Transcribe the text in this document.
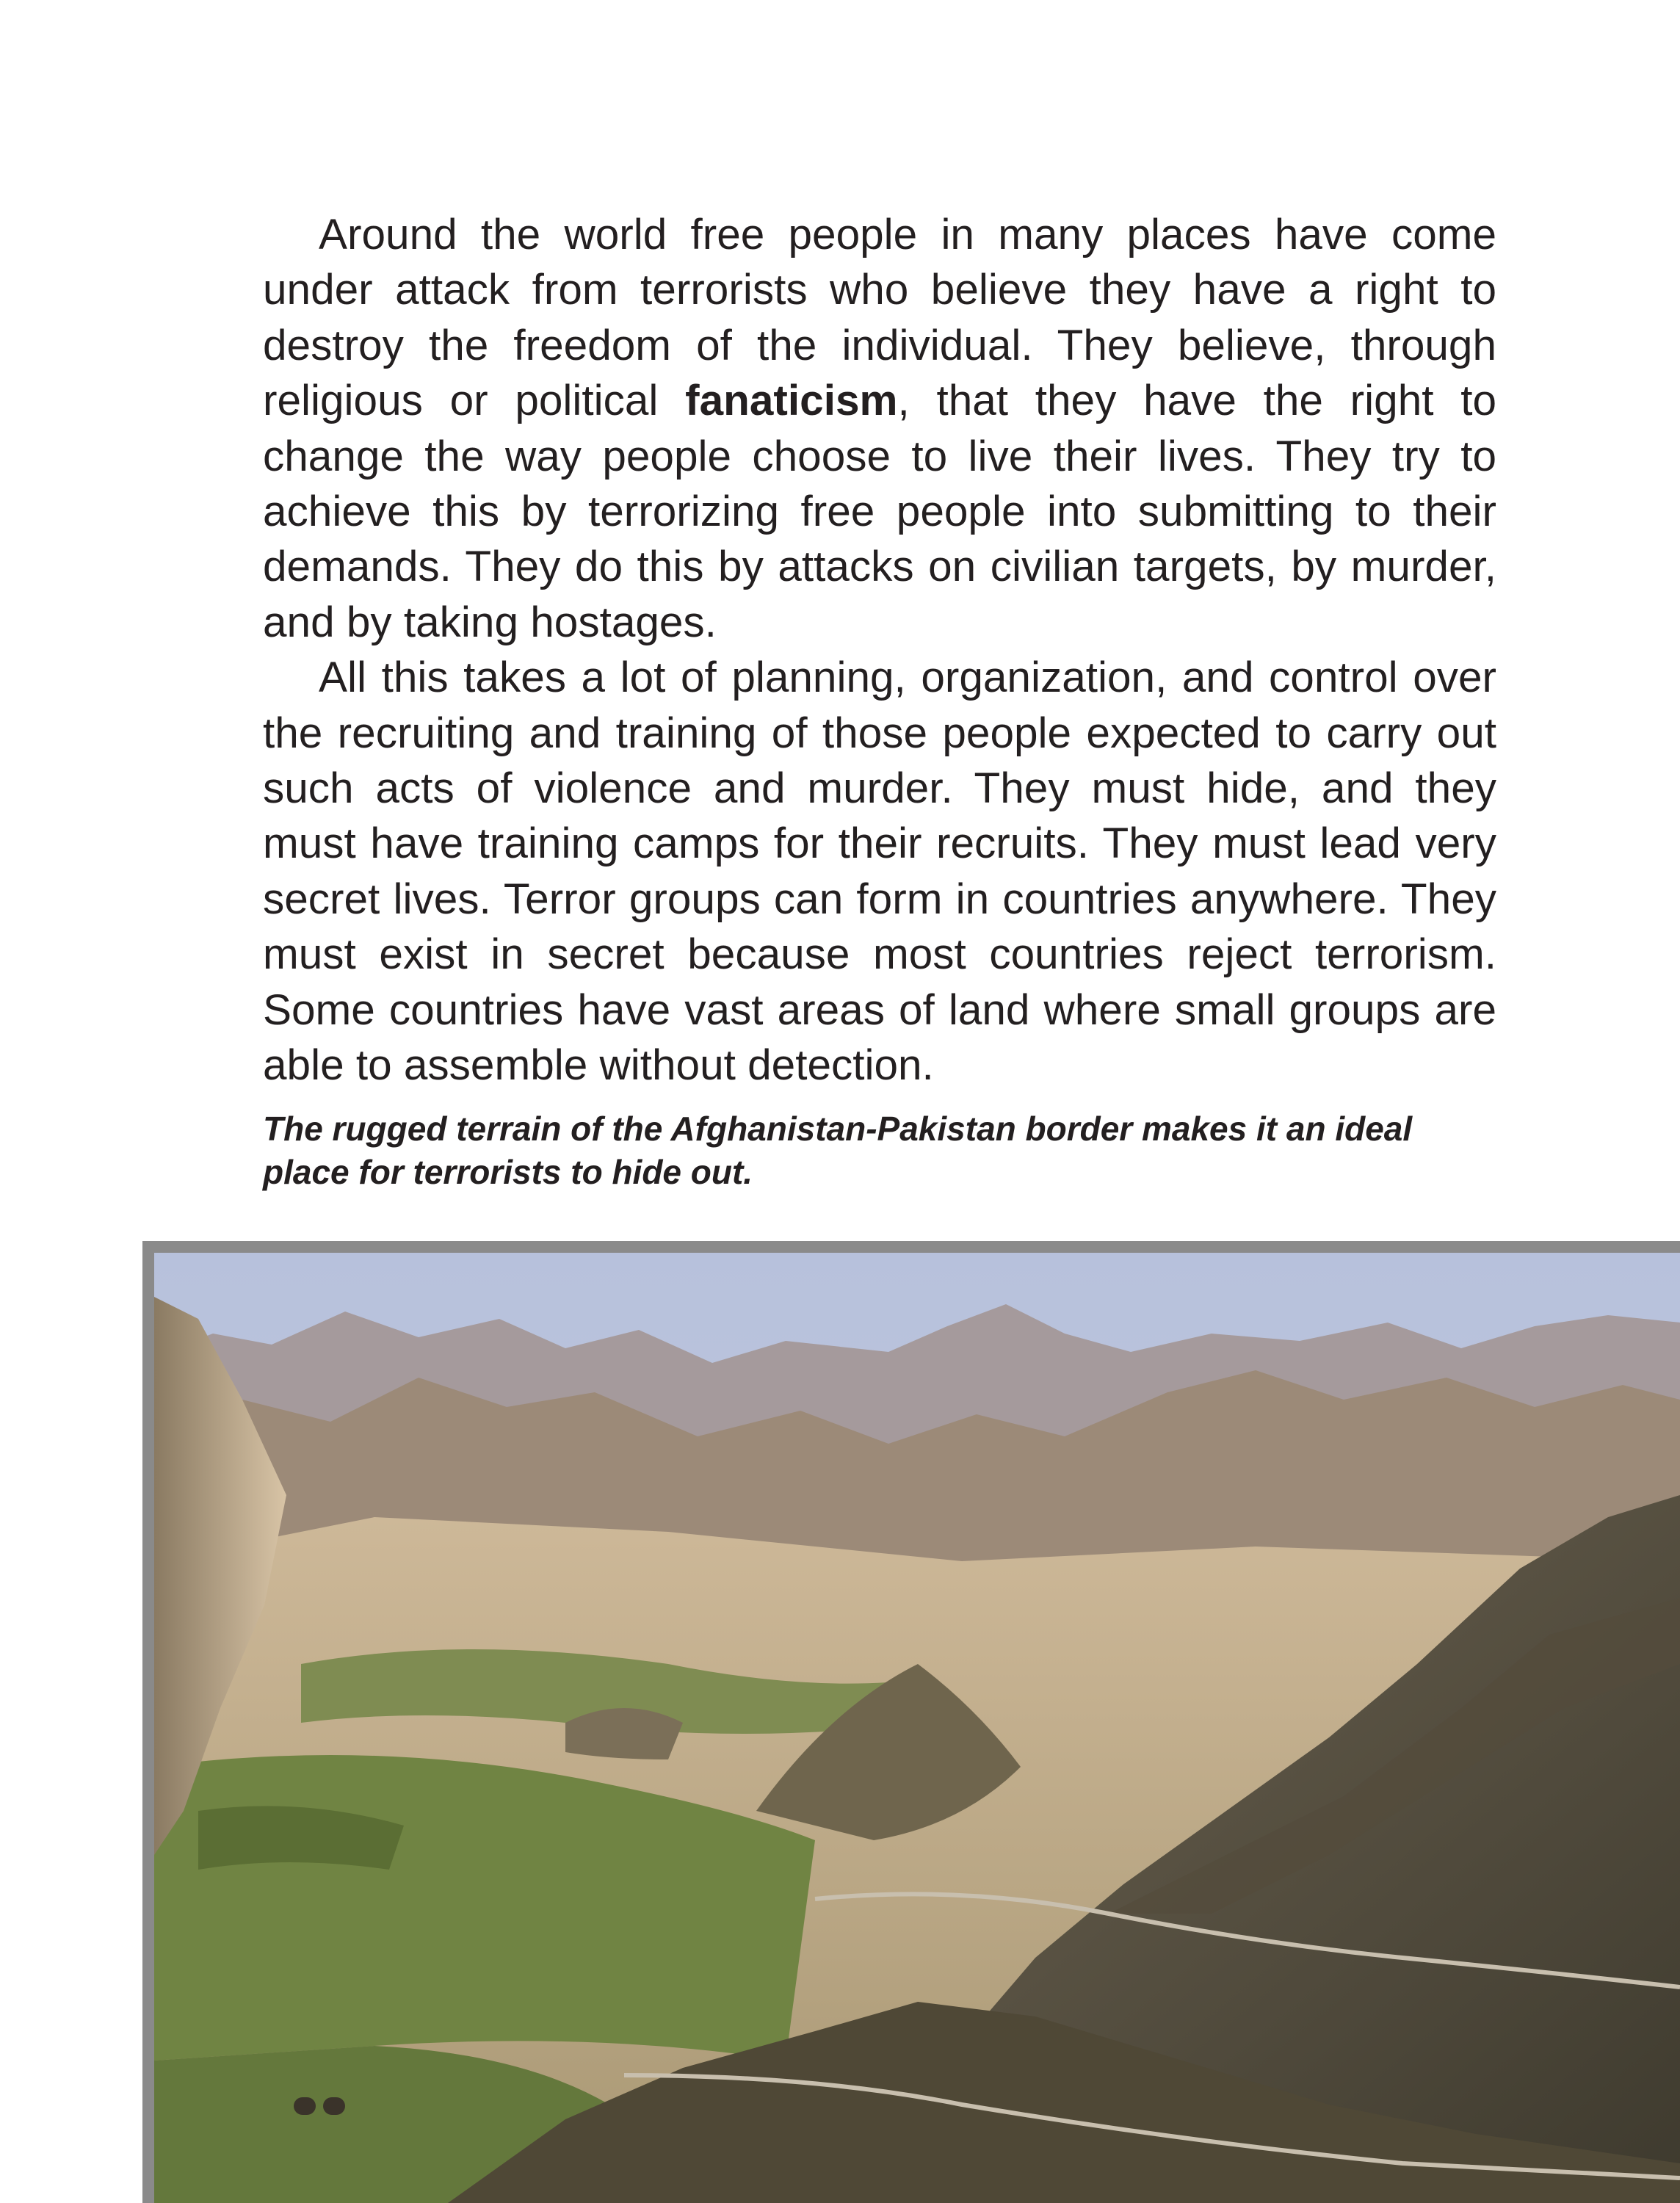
Around the world free people in many places have come under attack from terrorists who believe they have a right to destroy the freedom of the individual. They believe, through religious or political fanaticism, that they have the right to change the way people choose to live their lives. They try to achieve this by terrorizing free people into submitting to their demands. They do this by attacks on civilian targets, by murder, and by taking hostages.

All this takes a lot of planning, organization, and control over the recruiting and training of those people expected to carry out such acts of violence and murder. They must hide, and they must have training camps for their recruits. They must lead very secret lives. Terror groups can form in countries anywhere. They must exist in secret because most countries reject terrorism. Some countries have vast areas of land where small groups are able to assemble without detection.

The rugged terrain of the Afghanistan-Pakistan border makes it an ideal place for terrorists to hide out.
